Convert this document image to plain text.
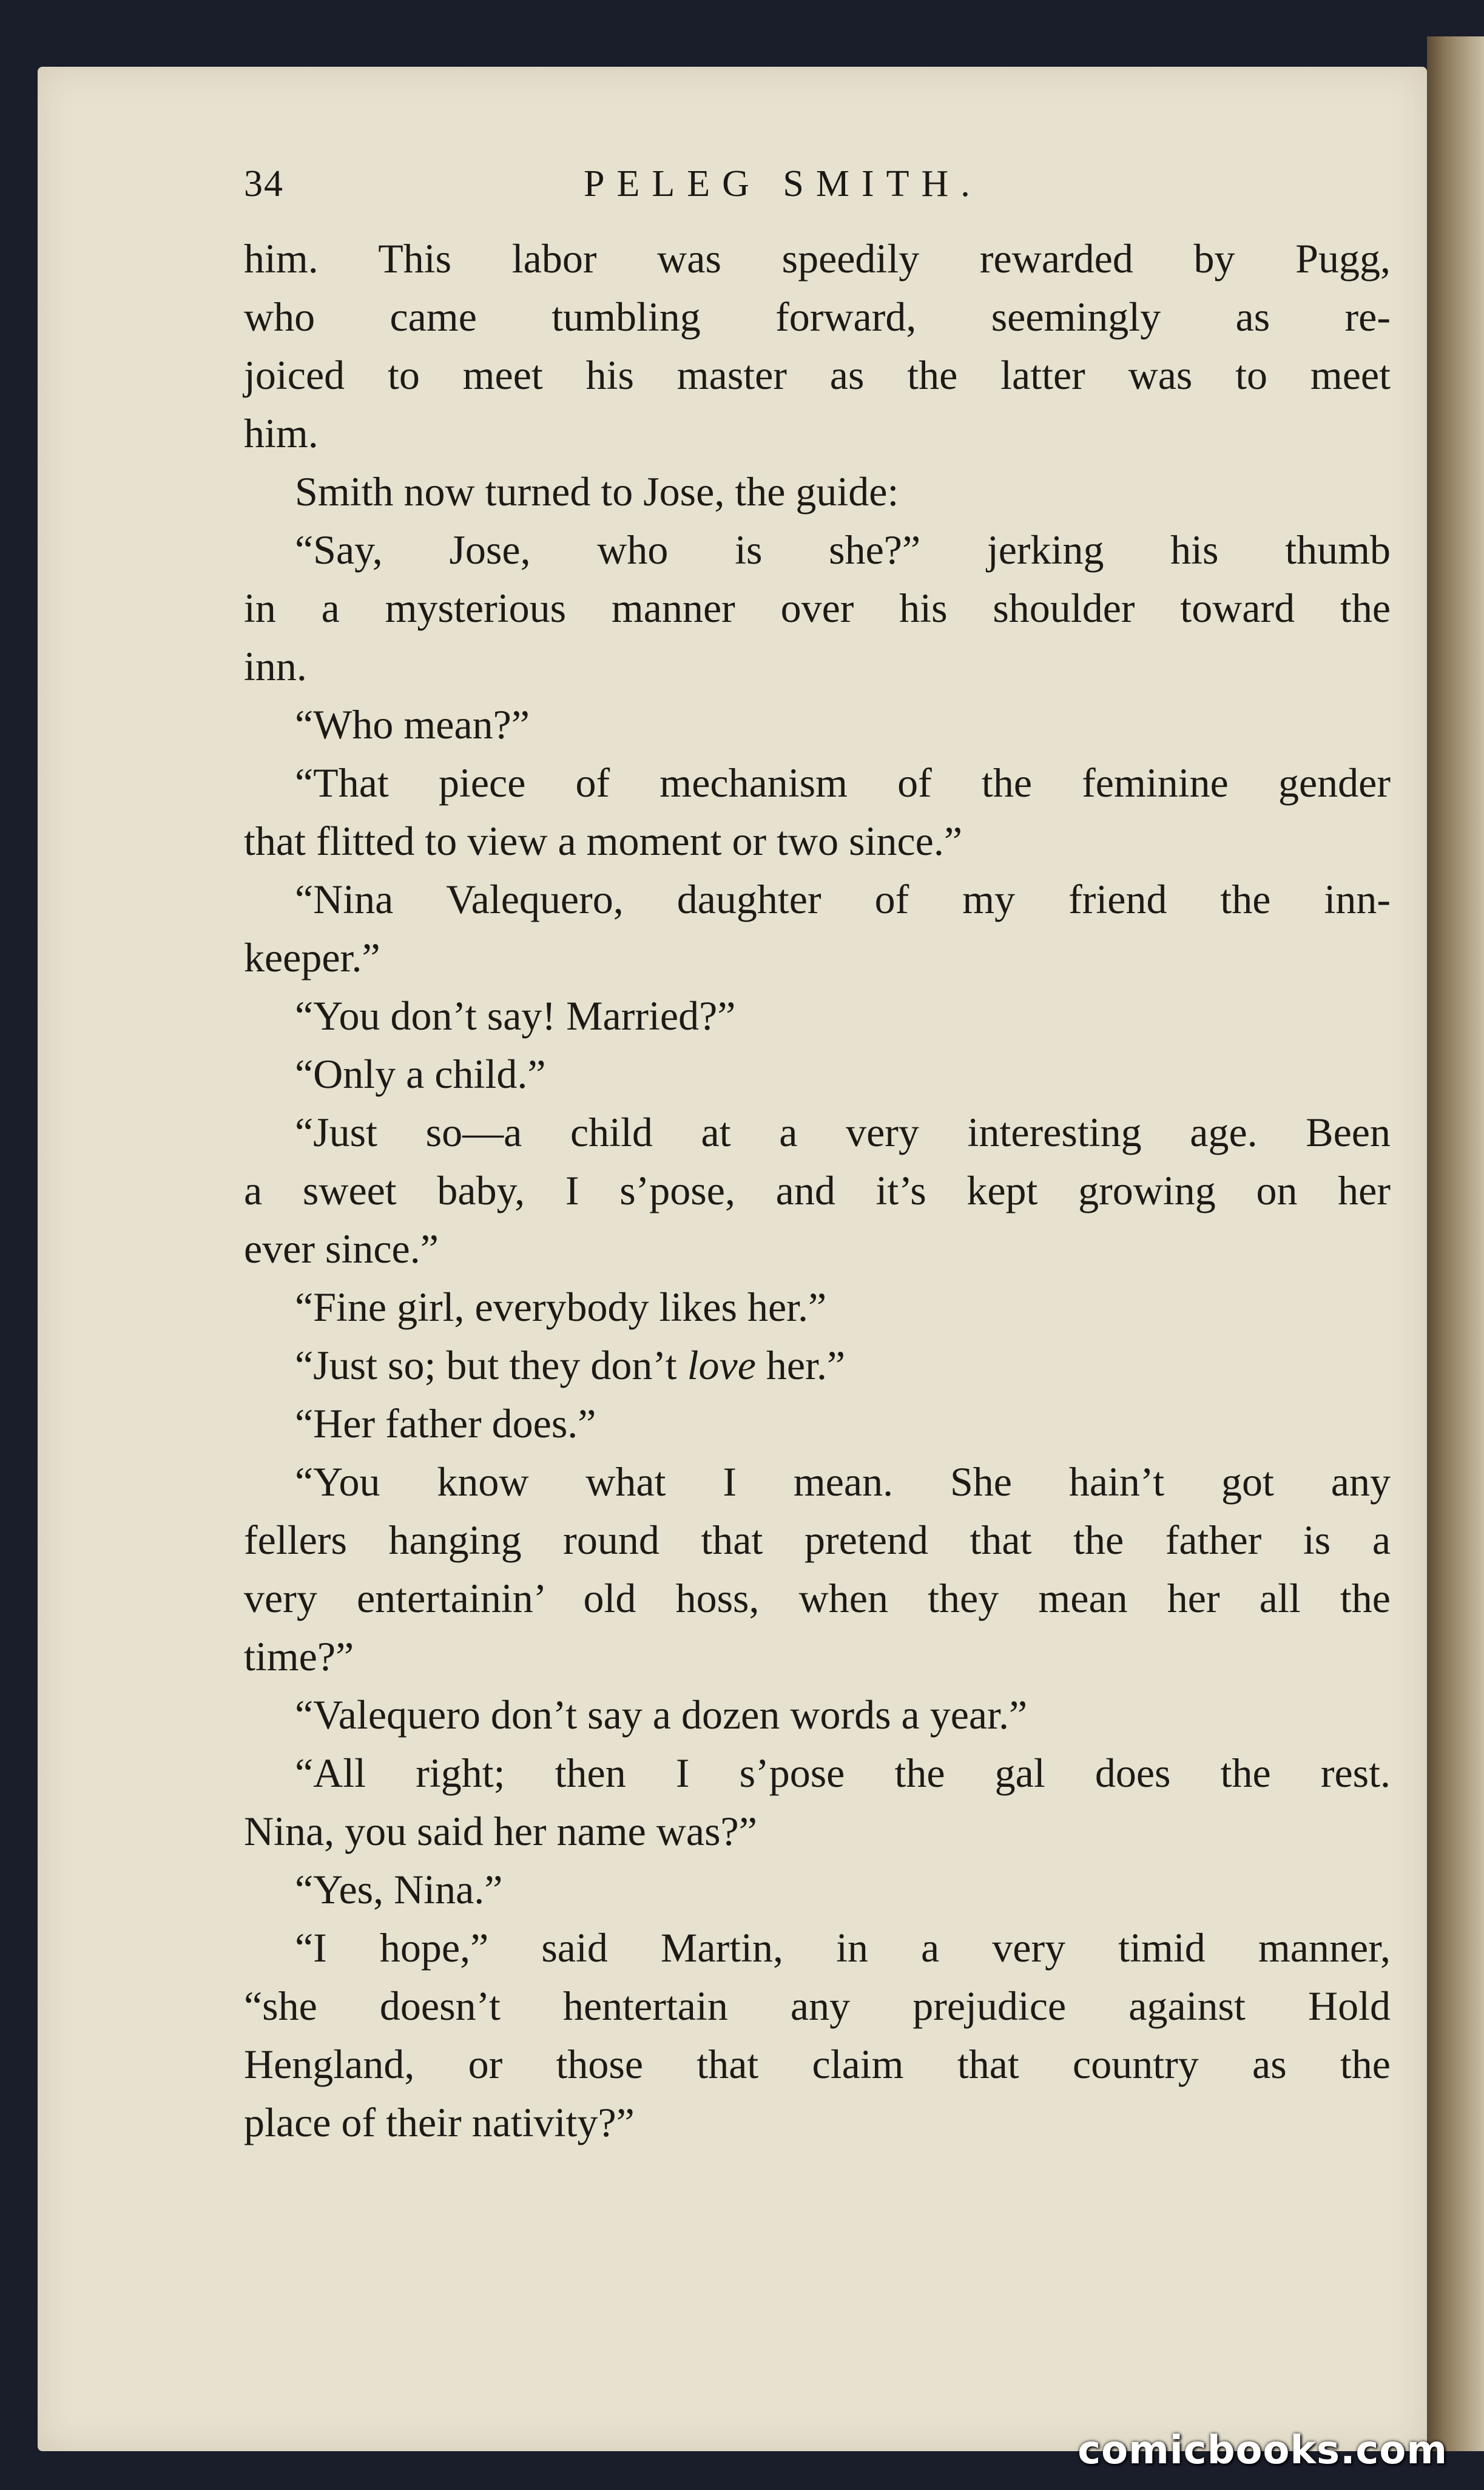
34	PELEG SMITH.
him. This labor was speedily rewarded by Pugg,
who came tumbling forward, seemingly as re-
joiced to meet his master as the latter was to meet
him.
Smith now turned to Jose, the guide:
“Say, Jose, who is she?” jerking his thumb
in a mysterious manner over his shoulder toward the
inn.
“Who mean?”
“That piece of mechanism of the feminine gender
that flitted to view a moment or two since.”
“Nina Valequero, daughter of my friend the inn-
keeper.”
“You don’t say! Married?”
“Only a child.”
“Just so—a child at a very interesting age. Been
a sweet baby, I s’pose, and it’s kept growing on her
ever since.”
“Fine girl, everybody likes her.”
“Just so; but they don’t love her.”
“Her father does.”
“You know what I mean. She hain’t got any
fellers hanging round that pretend that the father is a
very entertainin’ old hoss, when they mean her all the
time?”
“Valequero don’t say a dozen words a year.”
“All right; then I s’pose the gal does the rest.
Nina, you said her name was?”
“Yes, Nina.”
“I hope,” said Martin, in a very timid manner,
“she doesn’t hentertain any prejudice against Hold
Hengland, or those that claim that country as the
place of their nativity?”
comicbooks.com
